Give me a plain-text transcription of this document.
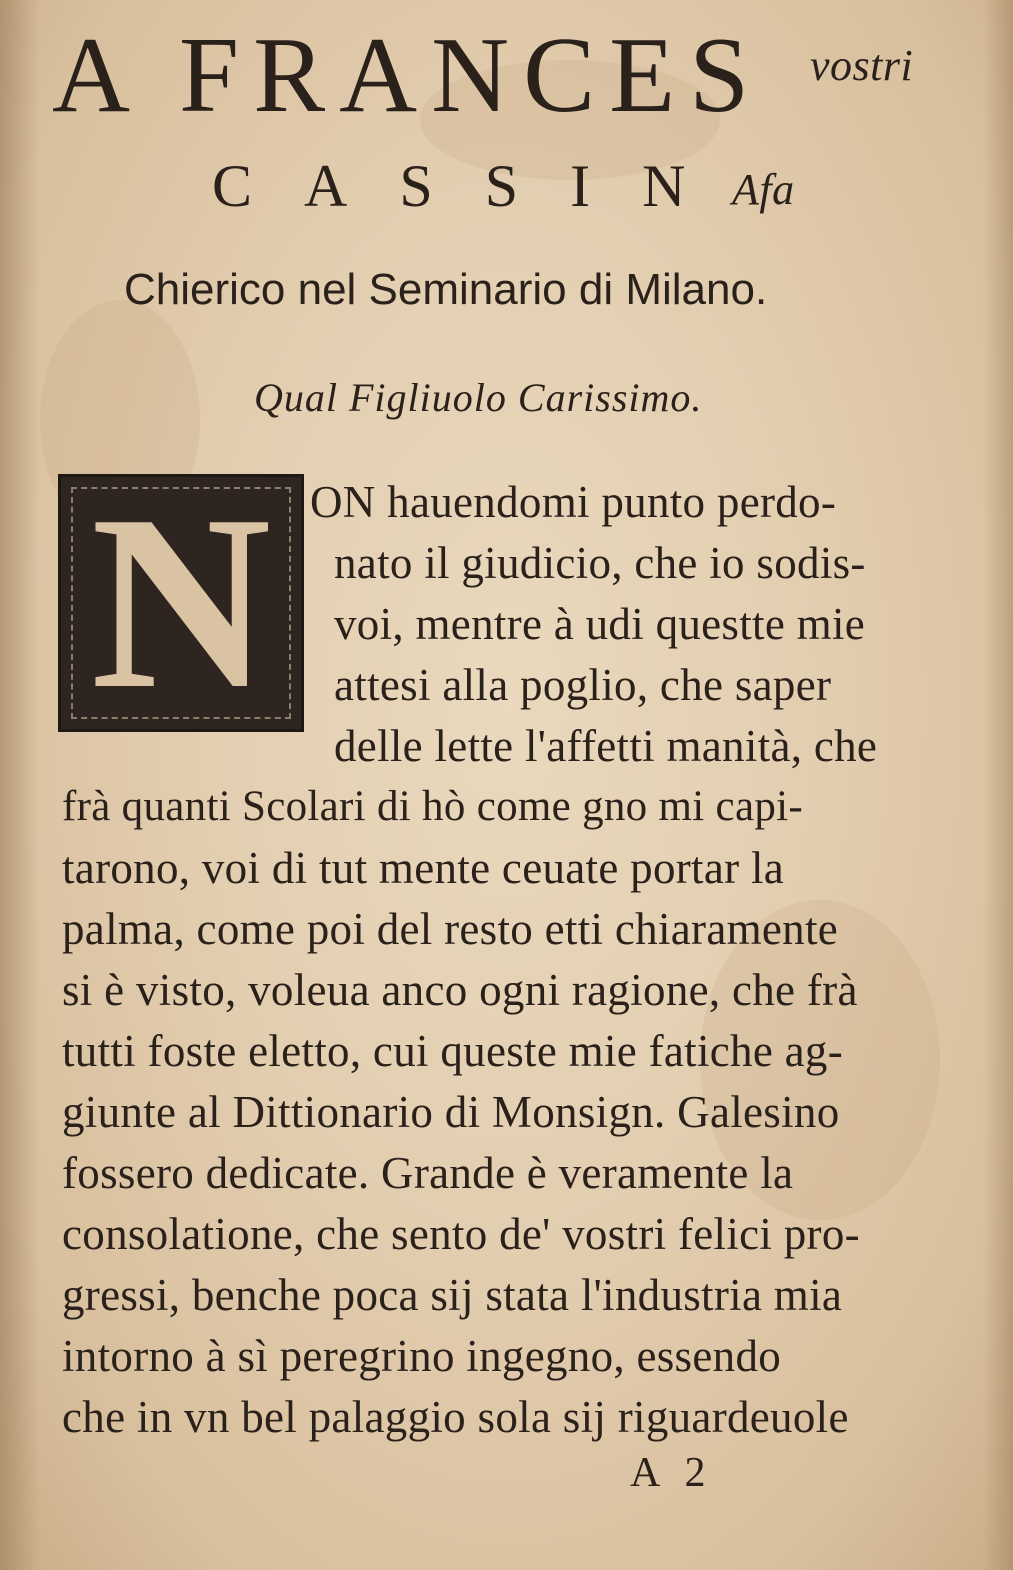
A FRANCES vostri
CASSIN
Afa
Chierico nel Seminario di Milano.
Qual Figliuolo Carissimo.
N ON hauendomi punto perdo-
nato il giudicio, che io sodis-
voi, mentre à udi questte mie
attesi alla poglio, che saper
delle lette l'affetti manità, che
frà quanti Scolari di hò come gno mi capi-
tarono, voi di tut mente ceuate portar la
palma, come poi del resto etti chiaramente
si è visto, voleua anco ogni ragione, che frà
tutti foste eletto, cui queste mie fatiche ag-
giunte al Dittionario di Monsign. Galesino
fossero dedicate. Grande è veramente la
consolatione, che sento de' vostri felici pro-
gressi, benche poca sij stata l'industria mia
intorno à sì peregrino ingegno, essendo
che in vn bel palaggio sola sij riguardeuole
A 2
